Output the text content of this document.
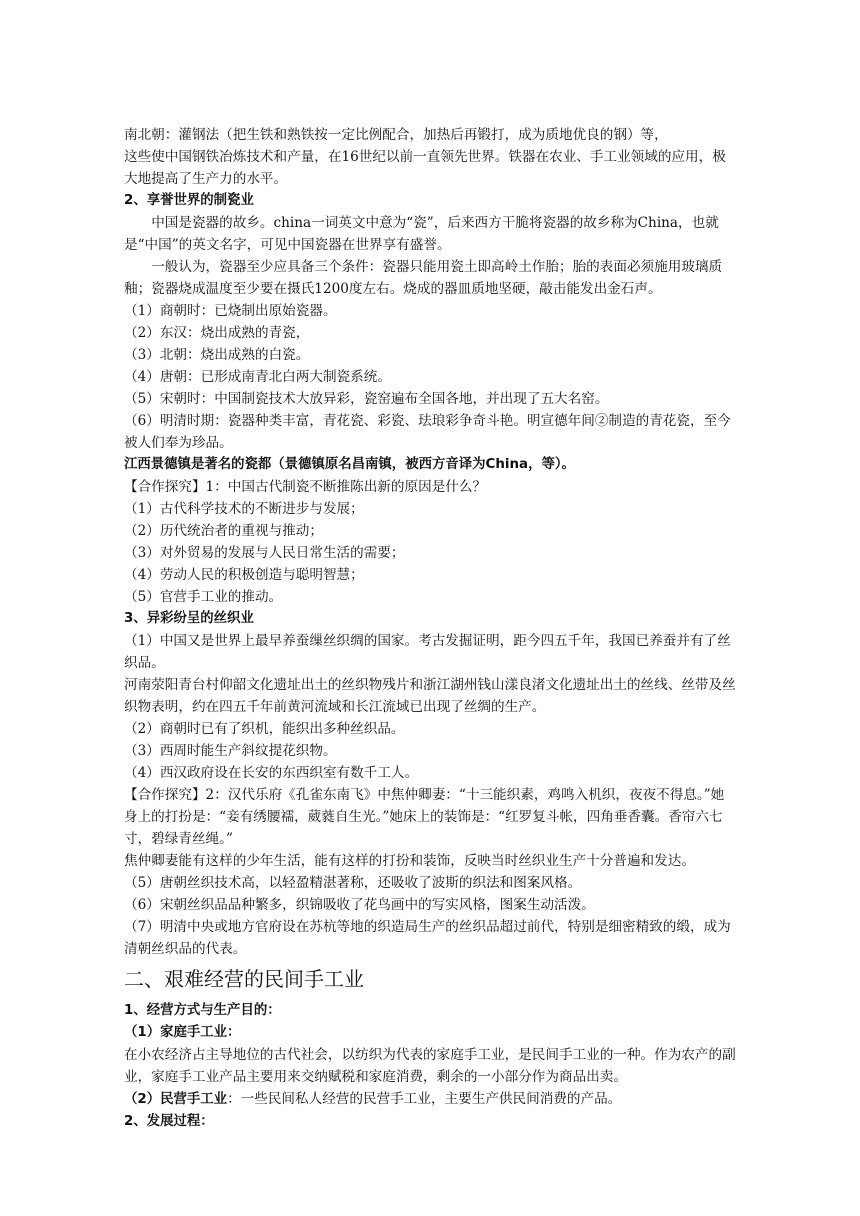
南北朝：灌钢法（把生铁和熟铁按一定比例配合，加热后再锻打，成为质地优良的钢）等，

这些使中国钢铁冶炼技术和产量，在16世纪以前一直领先世界。铁器在农业、手工业领域的应用，极大地提高了生产力的水平。

2、享誉世界的制瓷业

中国是瓷器的故乡。china一词英文中意为“瓷”，后来西方干脆将瓷器的故乡称为China，也就是“中国”的英文名字，可见中国瓷器在世界享有盛誉。

一般认为，瓷器至少应具备三个条件：瓷器只能用瓷土即高岭土作胎；胎的表面必须施用玻璃质釉；瓷器烧成温度至少要在摄氏1200度左右。烧成的器皿质地坚硬，敲击能发出金石声。

（1）商朝时：已烧制出原始瓷器。

（2）东汉：烧出成熟的青瓷，

（3）北朝：烧出成熟的白瓷。

（4）唐朝：已形成南青北白两大制瓷系统。

（5）宋朝时：中国制瓷技术大放异彩，瓷窑遍布全国各地，并出现了五大名窑。

（6）明清时期：瓷器种类丰富，青花瓷、彩瓷、珐琅彩争奇斗艳。明宣德年间②制造的青花瓷，至今被人们奉为珍品。

江西景德镇是著名的瓷都（景德镇原名昌南镇，被西方音译为China，等）。

【合作探究】1：中国古代制瓷不断推陈出新的原因是什么？

（1）古代科学技术的不断进步与发展；

（2）历代统治者的重视与推动；

（3）对外贸易的发展与人民日常生活的需要；

（4）劳动人民的积极创造与聪明智慧；

（5）官营手工业的推动。

3、异彩纷呈的丝织业

（1）中国又是世界上最早养蚕缫丝织绸的国家。考古发掘证明，距今四五千年，我国已养蚕并有了丝织品。

河南荥阳青台村仰韶文化遗址出土的丝织物残片和浙江湖州钱山漾良渚文化遗址出土的丝线、丝带及丝织物表明，约在四五千年前黄河流域和长江流域已出现了丝绸的生产。

（2）商朝时已有了织机，能织出多种丝织品。

（3）西周时能生产斜纹提花织物。

（4）西汉政府设在长安的东西织室有数千工人。

【合作探究】2：汉代乐府《孔雀东南飞》中焦仲卿妻：“十三能织素，鸡鸣入机织，夜夜不得息。”她身上的打扮是：“妾有绣腰襦，葳蕤自生光。”她床上的装饰是：“红罗复斗帐，四角垂香囊。香帘六七寸，碧绿青丝绳。”

焦仲卿妻能有这样的少年生活，能有这样的打扮和装饰，反映当时丝织业生产十分普遍和发达。

（5）唐朝丝织技术高，以轻盈精湛著称，还吸收了波斯的织法和图案风格。

（6）宋朝丝织品品种繁多，织锦吸收了花鸟画中的写实风格，图案生动活泼。

（7）明清中央或地方官府设在苏杭等地的织造局生产的丝织品超过前代，特别是细密精致的缎，成为清朝丝织品的代表。

二、艰难经营的民间手工业

1、经营方式与生产目的：

（1）家庭手工业：

在小农经济占主导地位的古代社会，以纺织为代表的家庭手工业，是民间手工业的一种。作为农产的副业，家庭手工业产品主要用来交纳赋税和家庭消费，剩余的一小部分作为商品出卖。

（2）民营手工业：一些民间私人经营的民营手工业，主要生产供民间消费的产品。

2、发展过程：
